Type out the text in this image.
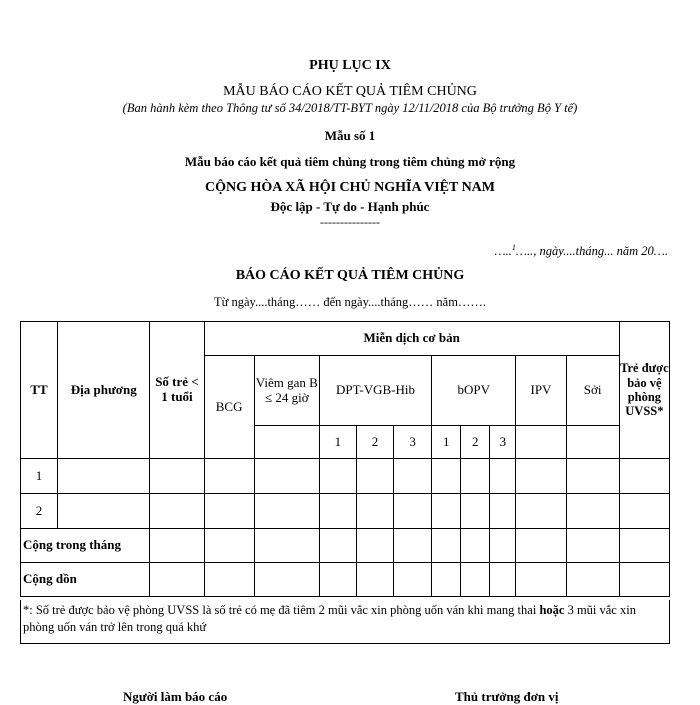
PHỤ LỤC IX
MẪU BÁO CÁO KẾT QUẢ TIÊM CHỦNG
(Ban hành kèm theo Thông tư số 34/2018/TT-BYT ngày 12/11/2018 của Bộ trưởng Bộ Y tế)
Mẫu số 1
Mẫu báo cáo kết quả tiêm chủng trong tiêm chủng mở rộng
CỘNG HÒA XÃ HỘI CHỦ NGHĨA VIỆT NAM
Độc lập - Tự do - Hạnh phúc
---------------
…..$^1$….., ngày....tháng... năm 20….
BÁO CÁO KẾT QUẢ TIÊM CHỦNG
Từ ngày....tháng…… đến ngày....tháng…… năm…….
TT	Địa phương	Số trẻ < 1 tuổi	Miễn dịch cơ bản										Trẻ được bảo vệ phòng UVSS*
			BCG	Viêm gan B ≤ 24 giờ	DPT-VGB-Hib			bOPV			IPV	Sởi	
					1	2	3	1	2	3			
1													
2													
Cộng trong tháng													
Cộng dồn													
*: Số trẻ được bảo vệ phòng UVSS là số trẻ có mẹ đã tiêm 2 mũi vắc xin phòng uốn ván khi mang thai hoặc 3 mũi vắc xin phòng uốn ván trở lên trong quá khứ
Người làm báo cáo	Thủ trưởng đơn vị
